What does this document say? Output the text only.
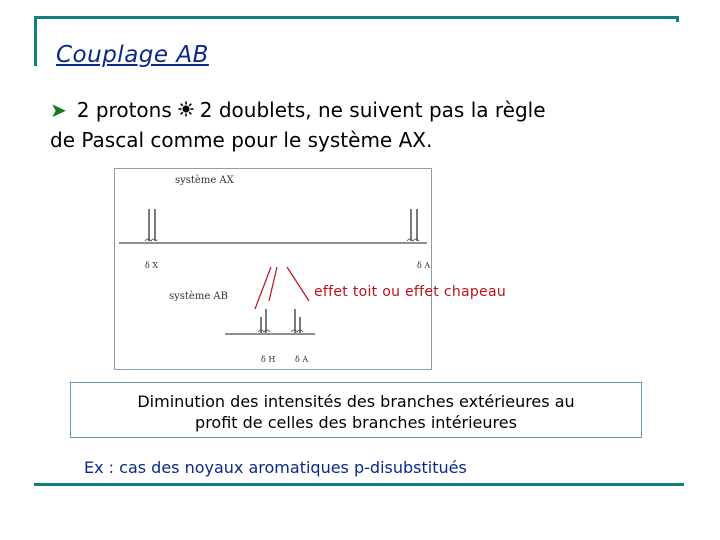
Couplage AB
➤ 2 protons 2 doublets, ne suivent pas la règle
de Pascal comme pour le système AX.
système AX
système AB
δ X	δ A
δ H δ A
effet toit ou effet chapeau
Diminution des intensités des branches extérieures au
profit de celles des branches intérieures
Ex : cas des noyaux aromatiques p-disubstitués
